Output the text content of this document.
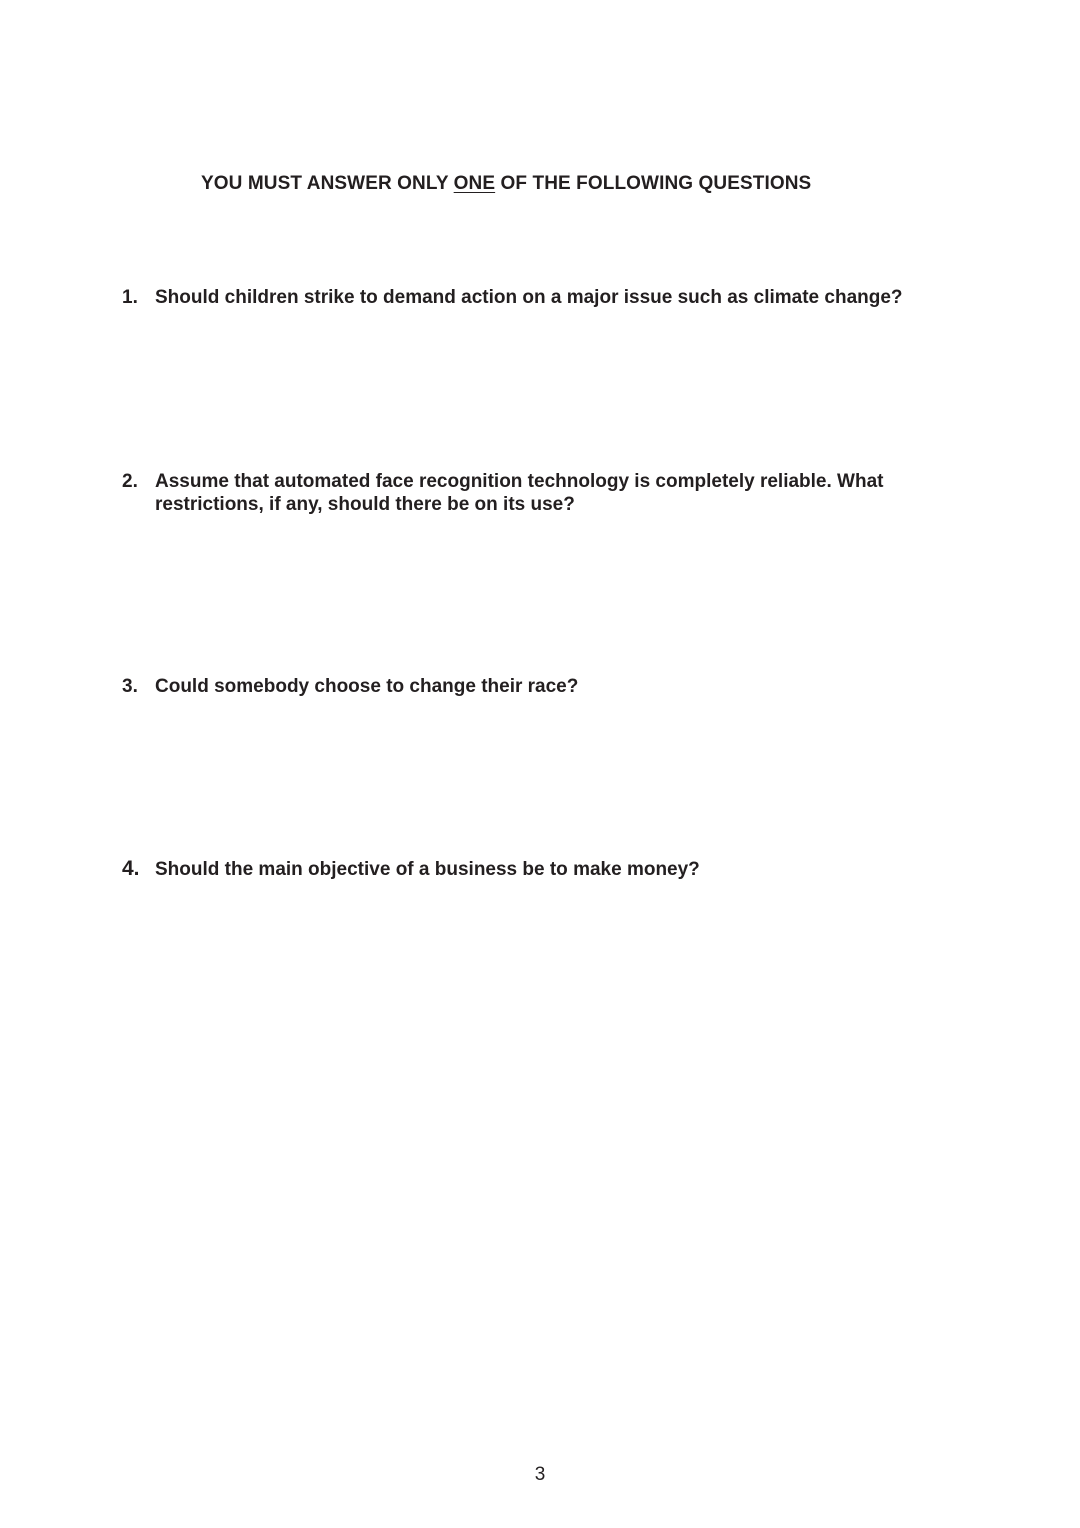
YOU MUST ANSWER ONLY ONE OF THE FOLLOWING QUESTIONS
1. Should children strike to demand action on a major issue such as climate change?
2. Assume that automated face recognition technology is completely reliable. What restrictions, if any, should there be on its use?
3. Could somebody choose to change their race?
4. Should the main objective of a business be to make money?
3
